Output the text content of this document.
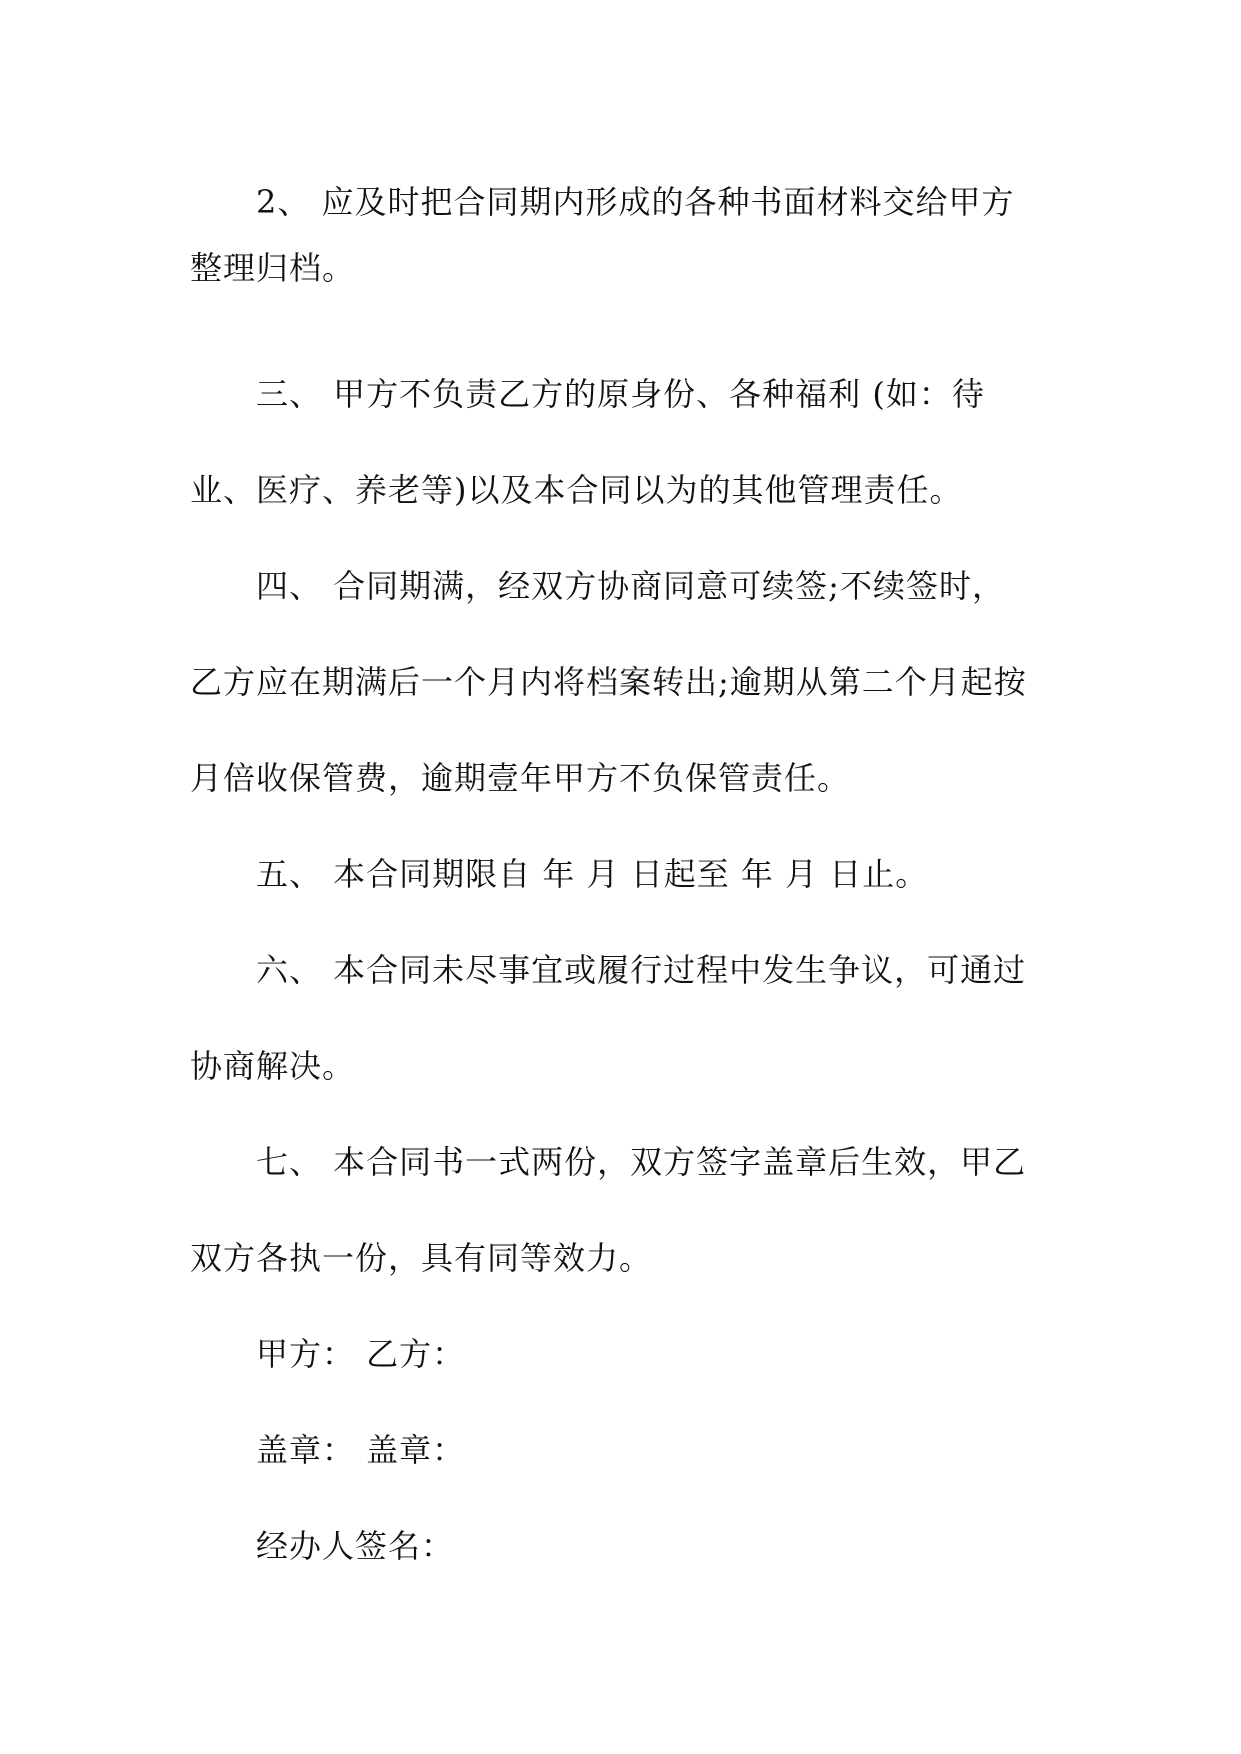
2、 应及时把合同期内形成的各种书面材料交给甲方
整理归档。
三、 甲方不负责乙方的原身份、各种福利 (如：待
业、医疗、养老等)以及本合同以为的其他管理责任。
四、 合同期满，经双方协商同意可续签;不续签时，
乙方应在期满后一个月内将档案转出;逾期从第二个月起按
月倍收保管费，逾期壹年甲方不负保管责任。
五、 本合同期限自 年 月 日起至 年 月 日止。
六、 本合同未尽事宜或履行过程中发生争议，可通过
协商解决。
七、 本合同书一式两份，双方签字盖章后生效，甲乙
双方各执一份，具有同等效力。
甲方： 乙方：
盖章： 盖章：
经办人签名：
